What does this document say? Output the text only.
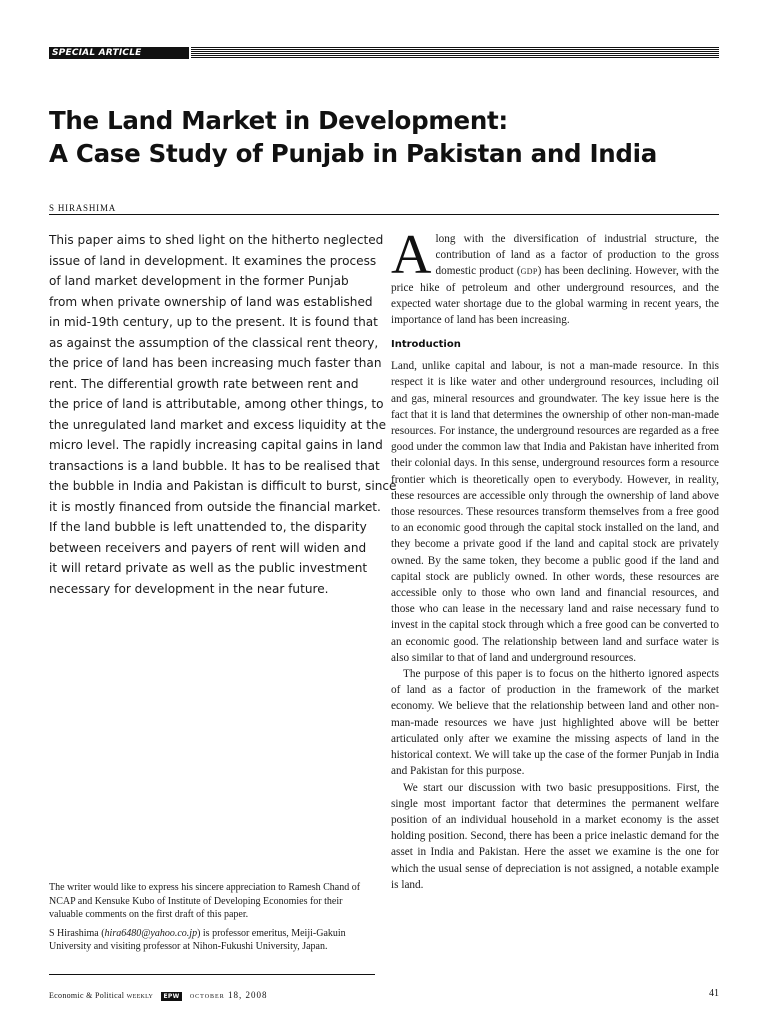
SPECIAL ARTICLE
The Land Market in Development:
A Case Study of Punjab in Pakistan and India
S HIRASHIMA
This paper aims to shed light on the hitherto neglected
issue of land in development. It examines the process
of land market development in the former Punjab
from when private ownership of land was established
in mid-19th century, up to the present. It is found that
as against the assumption of the classical rent theory,
the price of land has been increasing much faster than
rent. The differential growth rate between rent and
the price of land is attributable, among other things, to
the unregulated land market and excess liquidity at the
micro level. The rapidly increasing capital gains in land
transactions is a land bubble. It has to be realised that
the bubble in India and Pakistan is difficult to burst, since
it is mostly financed from outside the financial market.
If the land bubble is left unattended to, the disparity
between receivers and payers of rent will widen and
it will retard private as well as the public investment
necessary for development in the near future.

The writer would like to express his sincere appreciation to Ramesh Chand of NCAP and Kensuke Kubo of Institute of Developing Economies for their valuable comments on the first draft of this paper.

S Hirashima (hira6480@yahoo.co.jp) is professor emeritus, Meiji-Gakuin University and visiting professor at Nihon-Fukushi University, Japan.

Along with the diversification of industrial structure, the contribution of land as a factor of production to the gross domestic product (gdp) has been declining. However, with the price hike of petroleum and other underground resources, and the expected water shortage due to the global warming in recent years, the importance of land has been increasing.

Introduction

Land, unlike capital and labour, is not a man-made resource. In this respect it is like water and other underground resources, including oil and gas, mineral resources and groundwater. The key issue here is the fact that it is land that determines the ownership of other non-man-made resources. For instance, the underground resources are regarded as a free good under the common law that India and Pakistan have inherited from their colonial days. In this sense, underground resources form a resource frontier which is theoretically open to everybody. However, in reality, these resources are accessible only through the ownership of land above those resources. These resources transform themselves from a free good to an economic good through the capital stock installed on the land, and they become a private good if the land and capital stock are privately owned. By the same token, they become a public good if the land and capital stock are publicly owned. In other words, these resources are accessible only to those who own land and financial resources, and those who can lease in the necessary land and raise necessary fund to invest in the capital stock through which a free good can be converted to an economic good. The relationship between land and surface water is also similar to that of land and underground resources.

The purpose of this paper is to focus on the hitherto ignored aspects of land as a factor of production in the framework of the market economy. We believe that the relationship between land and other non-man-made resources we have just highlighted above will be better articulated only after we examine the missing aspects of land in the historical context. We will take up the case of the former Punjab in India and Pakistan for this purpose.

We start our discussion with two basic presuppositions. First, the single most important factor that determines the permanent welfare position of an individual household in a market economy is the asset holding position. Second, there has been a price inelastic demand for the asset in India and Pakistan. Here the asset we examine is the one for which the usual sense of depreciation is not assigned, a notable example is land.

Economic & Political weekly EPW october 18, 2008	41
